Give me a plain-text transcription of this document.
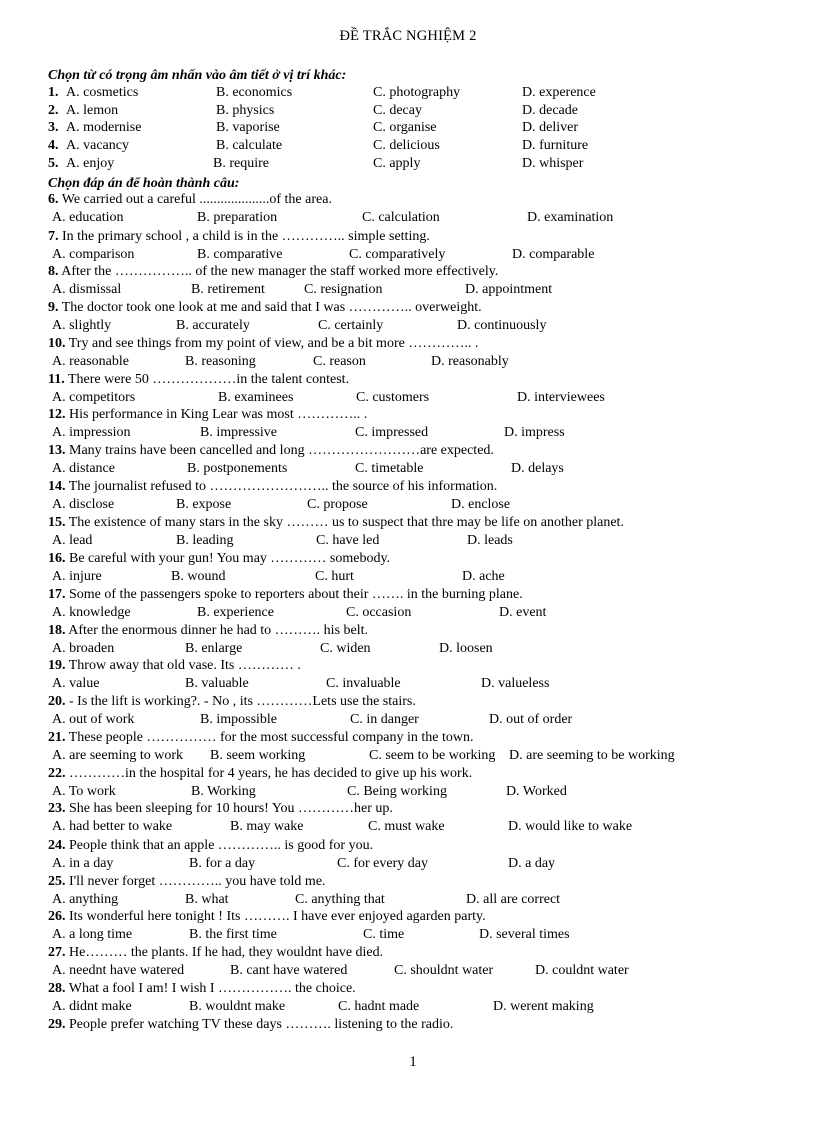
ĐỀ TRẮC NGHIỆM 2
Chọn từ có trọng âm nhấn vào âm tiết ở vị trí khác:
1. A. cosmetics	B. economics	C. photography	D. experence
2. A. lemon	B. physics	C. decay	D. decade
3. A. modernise	B. vaporise	C. organise	D. deliver
4. A. vacancy	B. calculate	C. delicious	D. furniture
5. A. enjoy	B. require	C. apply	D. whisper
Chọn đáp án để hoàn thành câu:
6. We carried out a careful ....................of the area.
A. education	B. preparation	C. calculation	D. examination
7. In the primary school , a child is in the ………….. simple setting.
A. comparison	B. comparative	C. comparatively	D. comparable
8. After the …………….. of the new manager the staff worked more effectively.
A. dismissal	B. retirement	C. resignation	D. appointment
9. The doctor took one look at me and said that I was ………….. overweight.
A. slightly	B. accurately	C. certainly	D. continuously
10. Try and see things from my point of view, and be a bit more ………….. .
A. reasonable	B. reasoning	C. reason	D. reasonably
11. There were 50 ………………in the talent contest.
A. competitors	B. examinees	C. customers	D. interviewees
12. His performance in King Lear was most ………….. .
A. impression	B. impressive	C. impressed	D. impress
13. Many trains have been cancelled and long ……………………are expected.
A. distance	B. postponements	C. timetable	D. delays
14. The journalist refused to …………………….. the source of his information.
A. disclose	B. expose	C. propose	D. enclose
15. The existence of many stars in the sky ……… us to suspect that thre may be life on another planet.
A. lead	B. leading	C. have led	D. leads
16. Be careful with your gun! You may ………… somebody.
A. injure	B. wound	C. hurt	D. ache
17. Some of the passengers spoke to reporters about their ……. in the burning plane.
A. knowledge	B. experience	C. occasion	D. event
18. After the enormous dinner he had to ………. his belt.
A. broaden	B. enlarge	C. widen	D. loosen
19. Throw away that old vase. Its ………… .
A. value	B. valuable	C. invaluable	D. valueless
20. - Is the lift is working?. - No , its …………Lets use the stairs.
A. out of work	B. impossible	C. in danger	D. out of order
21. These people …………… for the most successful company in the town.
A. are seeming to work B. seem working	C. seem to be working D. are seeming to be working
22. …………in the hospital for 4 years, he has decided to give up his work.
A. To work	B. Working	C. Being working	D. Worked
23. She has been sleeping for 10 hours! You …………her up.
A. had better to wake	B. may wake	C. must wake	D. would like to wake
24. People think that an apple ………….. is good for you.
A. in a day	B. for a day	C. for every day	D. a day
25. I'll never forget ………….. you have told me.
A. anything	B. what	C. anything that	D. all are correct
26. Its wonderful here tonight ! Its ………. I have ever enjoyed agarden party.
A. a long time	B. the first time	C. time	D. several times
27. He……… the plants. If he had, they wouldnt have died.
A. neednt have watered	B. cant have watered	C. shouldnt water	D. couldnt water
28. What a fool I am! I wish I ……………. the choice.
A. didnt make	B. wouldnt make	C. hadnt made	D. werent making
29. People prefer watching TV these days ………. listening to the radio.
1
